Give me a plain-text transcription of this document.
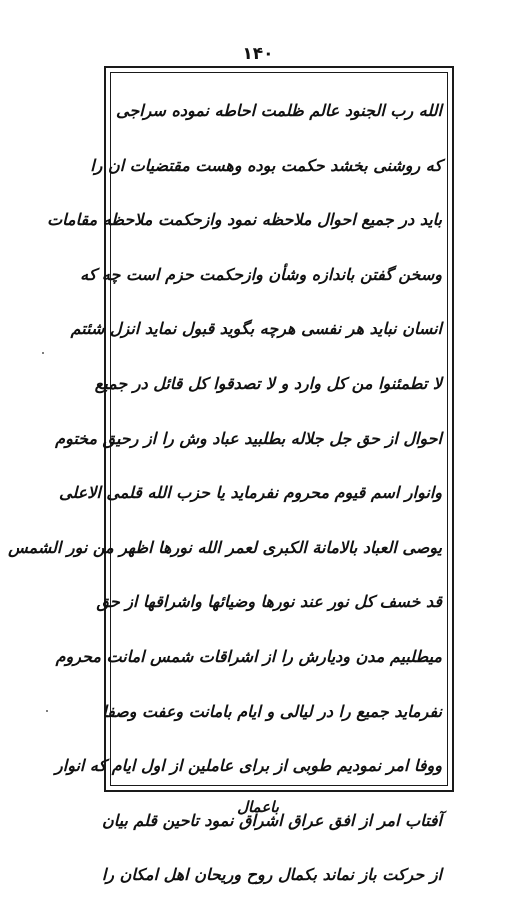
۱۴۰
الله رب الجنود عالم ظلمت احاطه نموده سراجی
که روشنی بخشد حکمت بوده وهست مقتضیات ان را
باید در جمیع احوال ملاحظه نمود وازحکمت ملاحظه مقامات
وسخن گفتن باندازه وشأن وازحکمت حزم است چه که
انسان نباید هر نفسی هرچه بگوید قبول نماید انزل شئتم
لا تطمئنوا من کل وارد و لا تصدقوا کل قائل در جمیع
احوال از حق جل جلاله بطلبید عباد وش را از رحیق مختوم
وانوار اسم قیوم محروم نفرماید یا حزب الله قلمی الاعلی
یوصی العباد بالامانة الکبری لعمر الله نورها اظهر من نور الشمس
قد خسف کل نور عند نورها وضیائها واشراقها از حق
میطلبیم مدن ودیارش را از اشراقات شمس امانت محروم
نفرماید جمیع را در لیالی و ایام بامانت وعفت وصفا
ووفا امر نمودیم طوبی از برای عاملین از اول ایام که انوار
آفتاب امر از افق عراق اشراق نمود تاحین قلم بیان
از حرکت باز نماند بکمال روح وریحان اهل امکان را
باعمال
